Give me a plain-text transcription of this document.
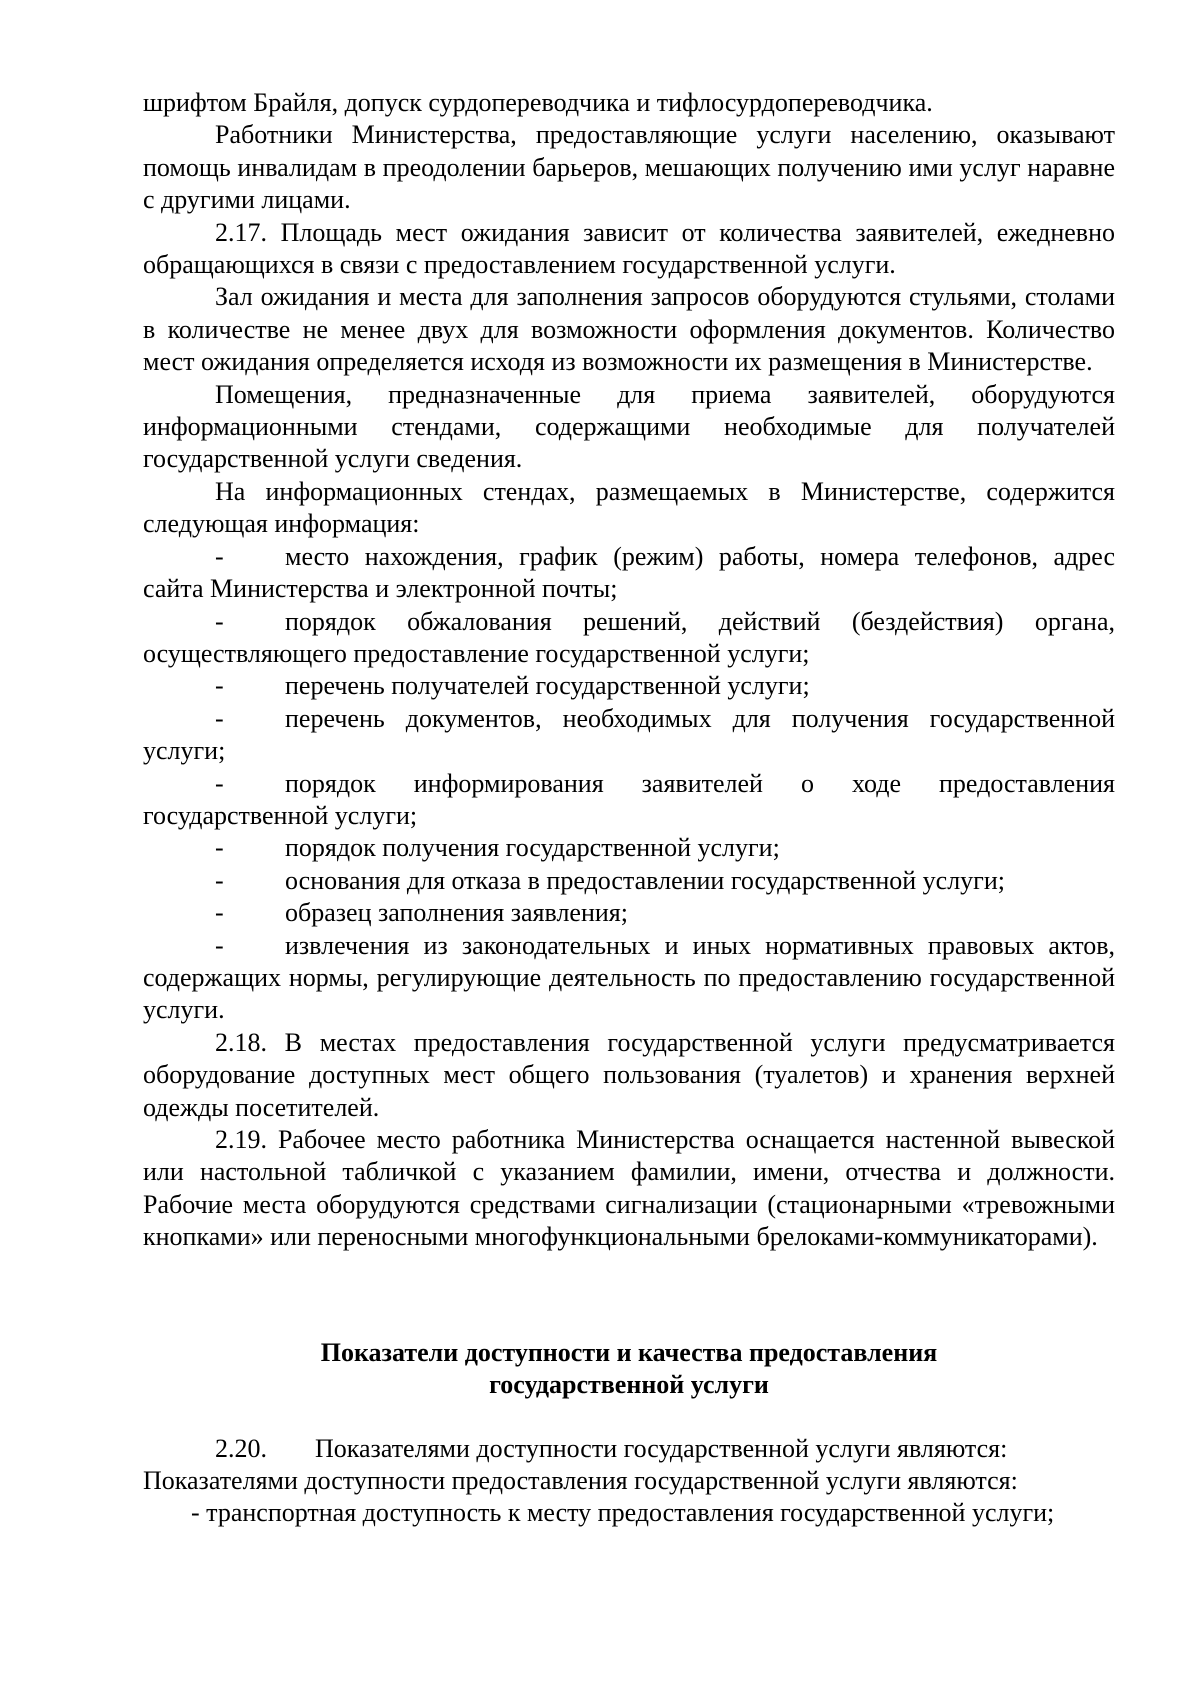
шрифтом Брайля, допуск сурдопереводчика и тифлосурдопереводчика.

Работники Министерства, предоставляющие услуги населению, оказывают помощь инвалидам в преодолении барьеров, мешающих получению ими услуг наравне с другими лицами.

2.17. Площадь мест ожидания зависит от количества заявителей, ежедневно обращающихся в связи с предоставлением государственной услуги.

Зал ожидания и места для заполнения запросов оборудуются стульями, столами в количестве не менее двух для возможности оформления документов. Количество мест ожидания определяется исходя из возможности их размещения в Министерстве.

Помещения, предназначенные для приема заявителей, оборудуются информационными стендами, содержащими необходимые для получателей государственной услуги сведения.

На информационных стендах, размещаемых в Министерстве, содержится следующая информация:

- место нахождения, график (режим) работы, номера телефонов, адрес сайта Министерства и электронной почты;

- порядок обжалования решений, действий (бездействия) органа, осуществляющего предоставление государственной услуги;

- перечень получателей государственной услуги;

- перечень документов, необходимых для получения государственной услуги;

- порядок информирования заявителей о ходе предоставления государственной услуги;

- порядок получения государственной услуги;

- основания для отказа в предоставлении государственной услуги;

- образец заполнения заявления;

- извлечения из законодательных и иных нормативных правовых актов, содержащих нормы, регулирующие деятельность по предоставлению государственной услуги.

2.18. В местах предоставления государственной услуги предусматривается оборудование доступных мест общего пользования (туалетов) и хранения верхней одежды посетителей.

2.19. Рабочее место работника Министерства оснащается настенной вывеской или настольной табличкой с указанием фамилии, имени, отчества и должности. Рабочие места оборудуются средствами сигнализации (стационарными «тревожными кнопками» или переносными многофункциональными брелоками-коммуникаторами).

Показатели доступности и качества предоставления

государственной услуги

2.20. Показателями доступности государственной услуги являются:

Показателями доступности предоставления государственной услуги являются:

- транспортная доступность к месту предоставления государственной услуги;
